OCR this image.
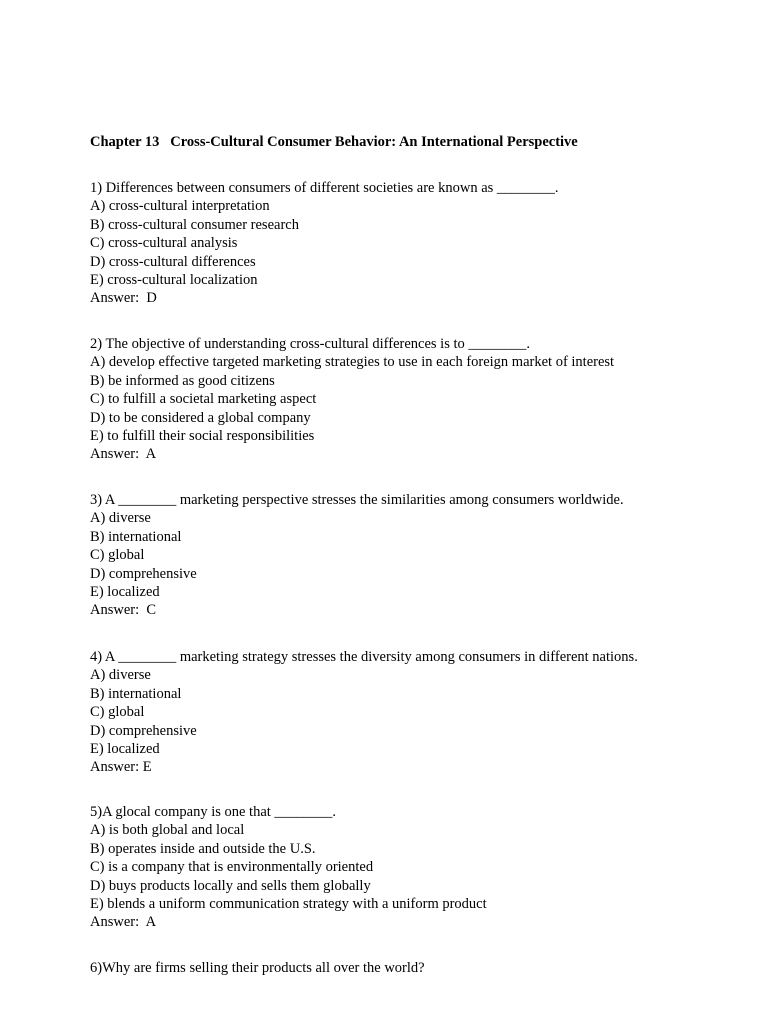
Chapter 13   Cross-Cultural Consumer Behavior: An International Perspective
1) Differences between consumers of different societies are known as ________.
A) cross-cultural interpretation
B) cross-cultural consumer research
C) cross-cultural analysis
D) cross-cultural differences
E) cross-cultural localization
Answer:  D
2) The objective of understanding cross-cultural differences is to ________.
A) develop effective targeted marketing strategies to use in each foreign market of interest
B) be informed as good citizens
C) to fulfill a societal marketing aspect
D) to be considered a global company
E) to fulfill their social responsibilities
Answer:  A
3) A ________ marketing perspective stresses the similarities among consumers worldwide.
A) diverse
B) international
C) global
D) comprehensive
E) localized
Answer:  C
4) A ________ marketing strategy stresses the diversity among consumers in different nations.
A) diverse
B) international
C) global
D) comprehensive
E) localized
Answer: E
5)A glocal company is one that ________.
A) is both global and local
B) operates inside and outside the U.S.
C) is a company that is environmentally oriented
D) buys products locally and sells them globally
E) blends a uniform communication strategy with a uniform product
Answer:  A
6)Why are firms selling their products all over the world?
